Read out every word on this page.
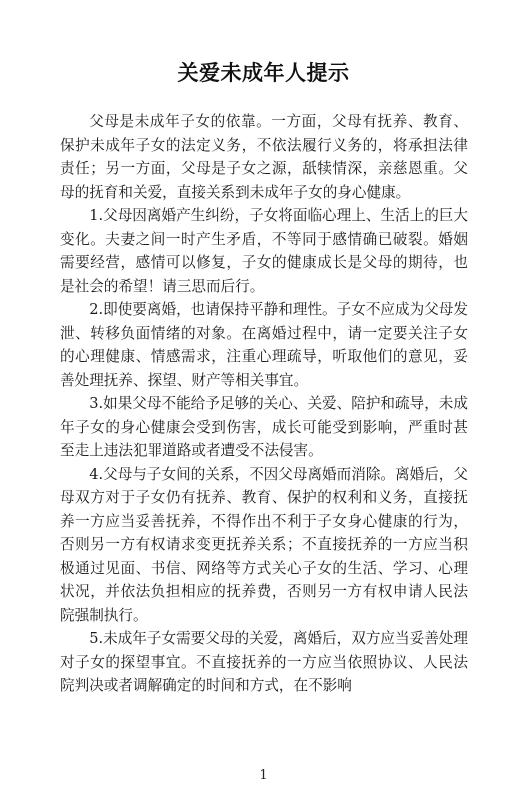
关爱未成年人提示

父母是未成年子女的依靠。一方面，父母有抚养、教育、保护未成年子女的法定义务，不依法履行义务的，将承担法律责任；另一方面，父母是子女之源，舐犊情深，亲慈恩重。父母的抚育和关爱，直接关系到未成年子女的身心健康。

1.父母因离婚产生纠纷，子女将面临心理上、生活上的巨大变化。夫妻之间一时产生矛盾，不等同于感情确已破裂。婚姻需要经营，感情可以修复，子女的健康成长是父母的期待，也是社会的希望！请三思而后行。

2.即使要离婚，也请保持平静和理性。子女不应成为父母发泄、转移负面情绪的对象。在离婚过程中，请一定要关注子女的心理健康、情感需求，注重心理疏导，听取他们的意见，妥善处理抚养、探望、财产等相关事宜。

3.如果父母不能给予足够的关心、关爱、陪护和疏导，未成年子女的身心健康会受到伤害，成长可能受到影响，严重时甚至走上违法犯罪道路或者遭受不法侵害。

4.父母与子女间的关系，不因父母离婚而消除。离婚后，父母双方对于子女仍有抚养、教育、保护的权利和义务，直接抚养一方应当妥善抚养，不得作出不利于子女身心健康的行为，否则另一方有权请求变更抚养关系；不直接抚养的一方应当积极通过见面、书信、网络等方式关心子女的生活、学习、心理状况，并依法负担相应的抚养费，否则另一方有权申请人民法院强制执行。

5.未成年子女需要父母的关爱，离婚后，双方应当妥善处理对子女的探望事宜。不直接抚养的一方应当依照协议、人民法院判决或者调解确定的时间和方式，在不影响

1
